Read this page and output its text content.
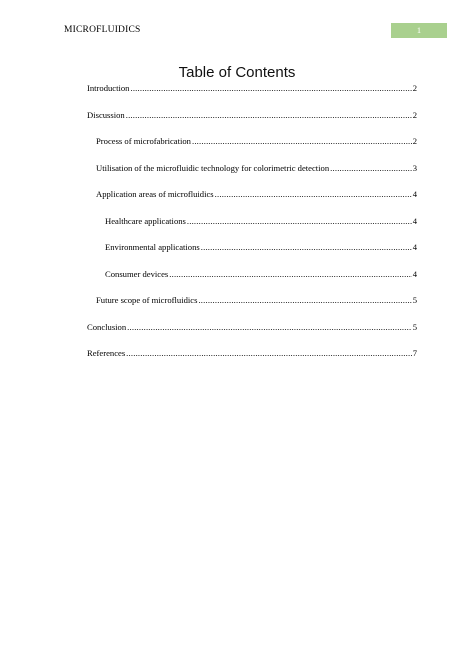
MICROFLUIDICS	1
Table of Contents
Introduction .....	2
Discussion .....	2
Process of microfabrication .....	2
Utilisation of the microfluidic technology for colorimetric detection .....	3
Application areas of microfluidics .....	4
Healthcare applications .....	4
Environmental applications .....	4
Consumer devices .....	4
Future scope of microfluidics .....	5
Conclusion .....	5
References .....	7
